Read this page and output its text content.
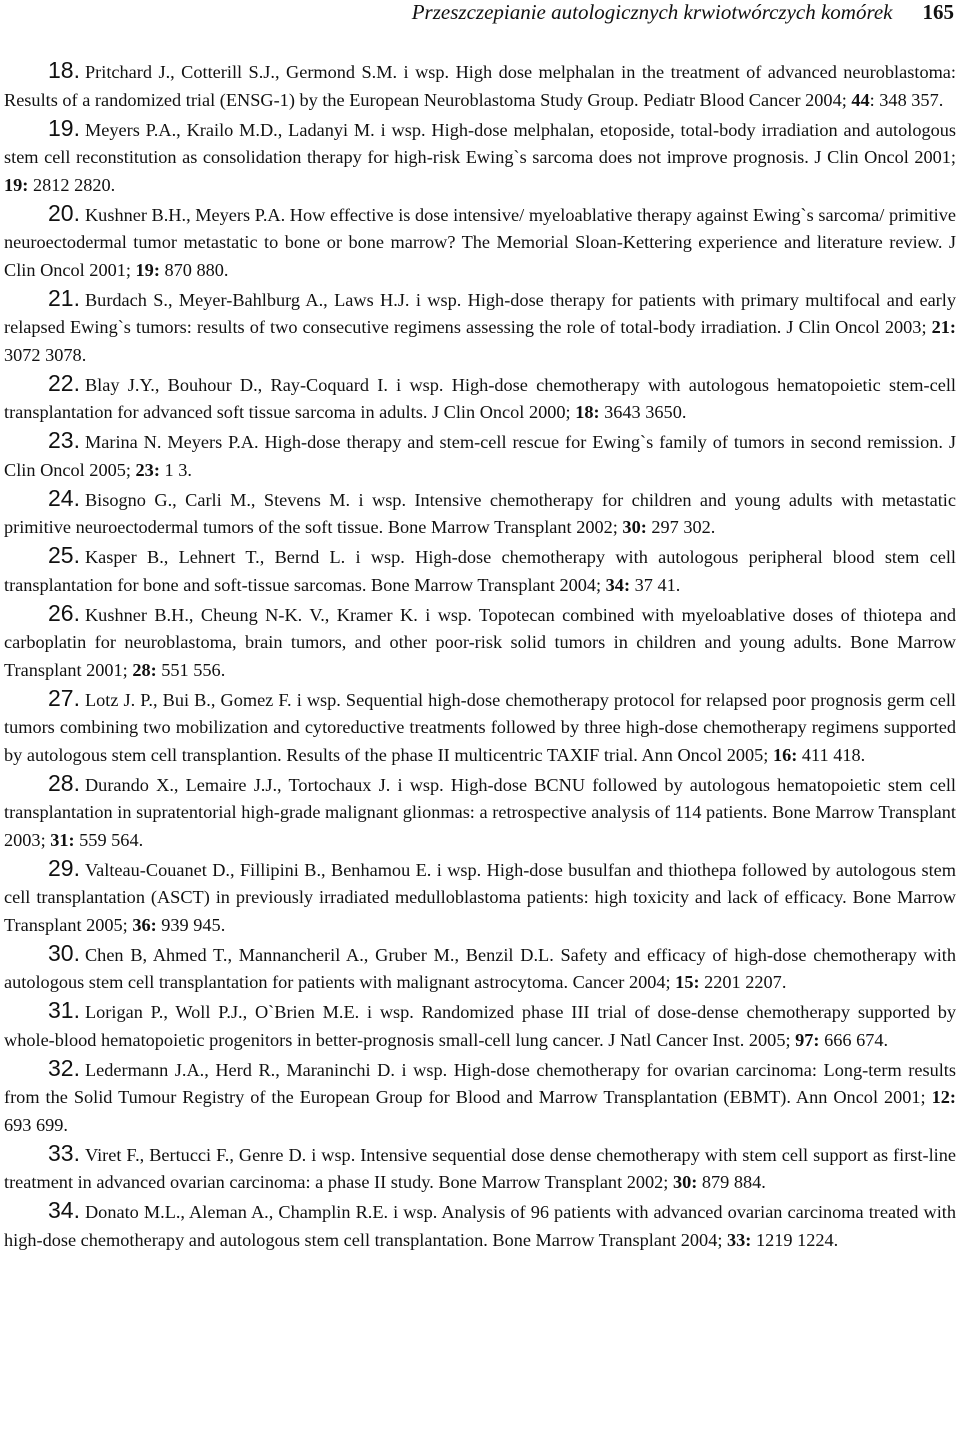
Przeszczepianie autologicznych krwiotwórczych komórek 165
18. Pritchard J., Cotterill S.J., Germond S.M. i wsp. High dose melphalan in the treatment of advanced neuroblastoma: Results of a randomized trial (ENSG-1) by the European Neuroblastoma Study Group. Pediatr Blood Cancer 2004; 44: 348 357.
19. Meyers P.A., Krailo M.D., Ladanyi M. i wsp. High-dose melphalan, etoposide, total-body irradiation and autologous stem cell reconstitution as consolidation therapy for high-risk Ewing`s sarcoma does not improve prognosis. J Clin Oncol 2001; 19: 2812 2820.
20. Kushner B.H., Meyers P.A. How effective is dose intensive/ myeloablative therapy against Ewing`s sarcoma/ primitive neuroectodermal tumor metastatic to bone or bone marrow? The Memorial Sloan-Kettering experience and literature review. J Clin Oncol 2001; 19: 870 880.
21. Burdach S., Meyer-Bahlburg A., Laws H.J. i wsp. High-dose therapy for patients with primary multifocal and early relapsed Ewing`s tumors: results of two consecutive regimens assessing the role of total-body irradiation. J Clin Oncol 2003; 21: 3072 3078.
22. Blay J.Y., Bouhour D., Ray-Coquard I. i wsp. High-dose chemotherapy with autologous hematopoietic stem-cell transplantation for advanced soft tissue sarcoma in adults. J Clin Oncol 2000; 18: 3643 3650.
23. Marina N. Meyers P.A. High-dose therapy and stem-cell rescue for Ewing`s family of tumors in second remission. J Clin Oncol 2005; 23: 1 3.
24. Bisogno G., Carli M., Stevens M. i wsp. Intensive chemotherapy for children and young adults with metastatic primitive neuroectodermal tumors of the soft tissue. Bone Marrow Transplant 2002; 30: 297 302.
25. Kasper B., Lehnert T., Bernd L. i wsp. High-dose chemotherapy with autologous peripheral blood stem cell transplantation for bone and soft-tissue sarcomas. Bone Marrow Transplant 2004; 34: 37 41.
26. Kushner B.H., Cheung N-K. V., Kramer K. i wsp. Topotecan combined with myeloablative doses of thiotepa and carboplatin for neuroblastoma, brain tumors, and other poor-risk solid tumors in children and young adults. Bone Marrow Transplant 2001; 28: 551 556.
27. Lotz J. P., Bui B., Gomez F. i wsp. Sequential high-dose chemotherapy protocol for relapsed poor prognosis germ cell tumors combining two mobilization and cytoreductive treatments followed by three high-dose chemotherapy regimens supported by autologous stem cell transplantion. Results of the phase II multicentric TAXIF trial. Ann Oncol 2005; 16: 411 418.
28. Durando X., Lemaire J.J., Tortochaux J. i wsp. High-dose BCNU followed by autologous hematopoietic stem cell transplantation in supratentorial high-grade malignant glionmas: a retrospective analysis of 114 patients. Bone Marrow Transplant 2003; 31: 559 564.
29. Valteau-Couanet D., Fillipini B., Benhamou E. i wsp. High-dose busulfan and thiothepa followed by autologous stem cell transplantation (ASCT) in previously irradiated medulloblastoma patients: high toxicity and lack of efficacy. Bone Marrow Transplant 2005; 36: 939 945.
30. Chen B, Ahmed T., Mannancheril A., Gruber M., Benzil D.L. Safety and efficacy of high-dose chemotherapy with autologous stem cell transplantation for patients with malignant astrocytoma. Cancer 2004; 15: 2201 2207.
31. Lorigan P., Woll P.J., O`Brien M.E. i wsp. Randomized phase III trial of dose-dense chemotherapy supported by whole-blood hematopoietic progenitors in better-prognosis small-cell lung cancer. J Natl Cancer Inst. 2005; 97: 666 674.
32. Ledermann J.A., Herd R., Maraninchi D. i wsp. High-dose chemotherapy for ovarian carcinoma: Long-term results from the Solid Tumour Registry of the European Group for Blood and Marrow Transplantation (EBMT). Ann Oncol 2001; 12: 693 699.
33. Viret F., Bertucci F., Genre D. i wsp. Intensive sequential dose dense chemotherapy with stem cell support as first-line treatment in advanced ovarian carcinoma: a phase II study. Bone Marrow Transplant 2002; 30: 879 884.
34. Donato M.L., Aleman A., Champlin R.E. i wsp. Analysis of 96 patients with advanced ovarian carcinoma treated with high-dose chemotherapy and autologous stem cell transplantation. Bone Marrow Transplant 2004; 33: 1219 1224.
